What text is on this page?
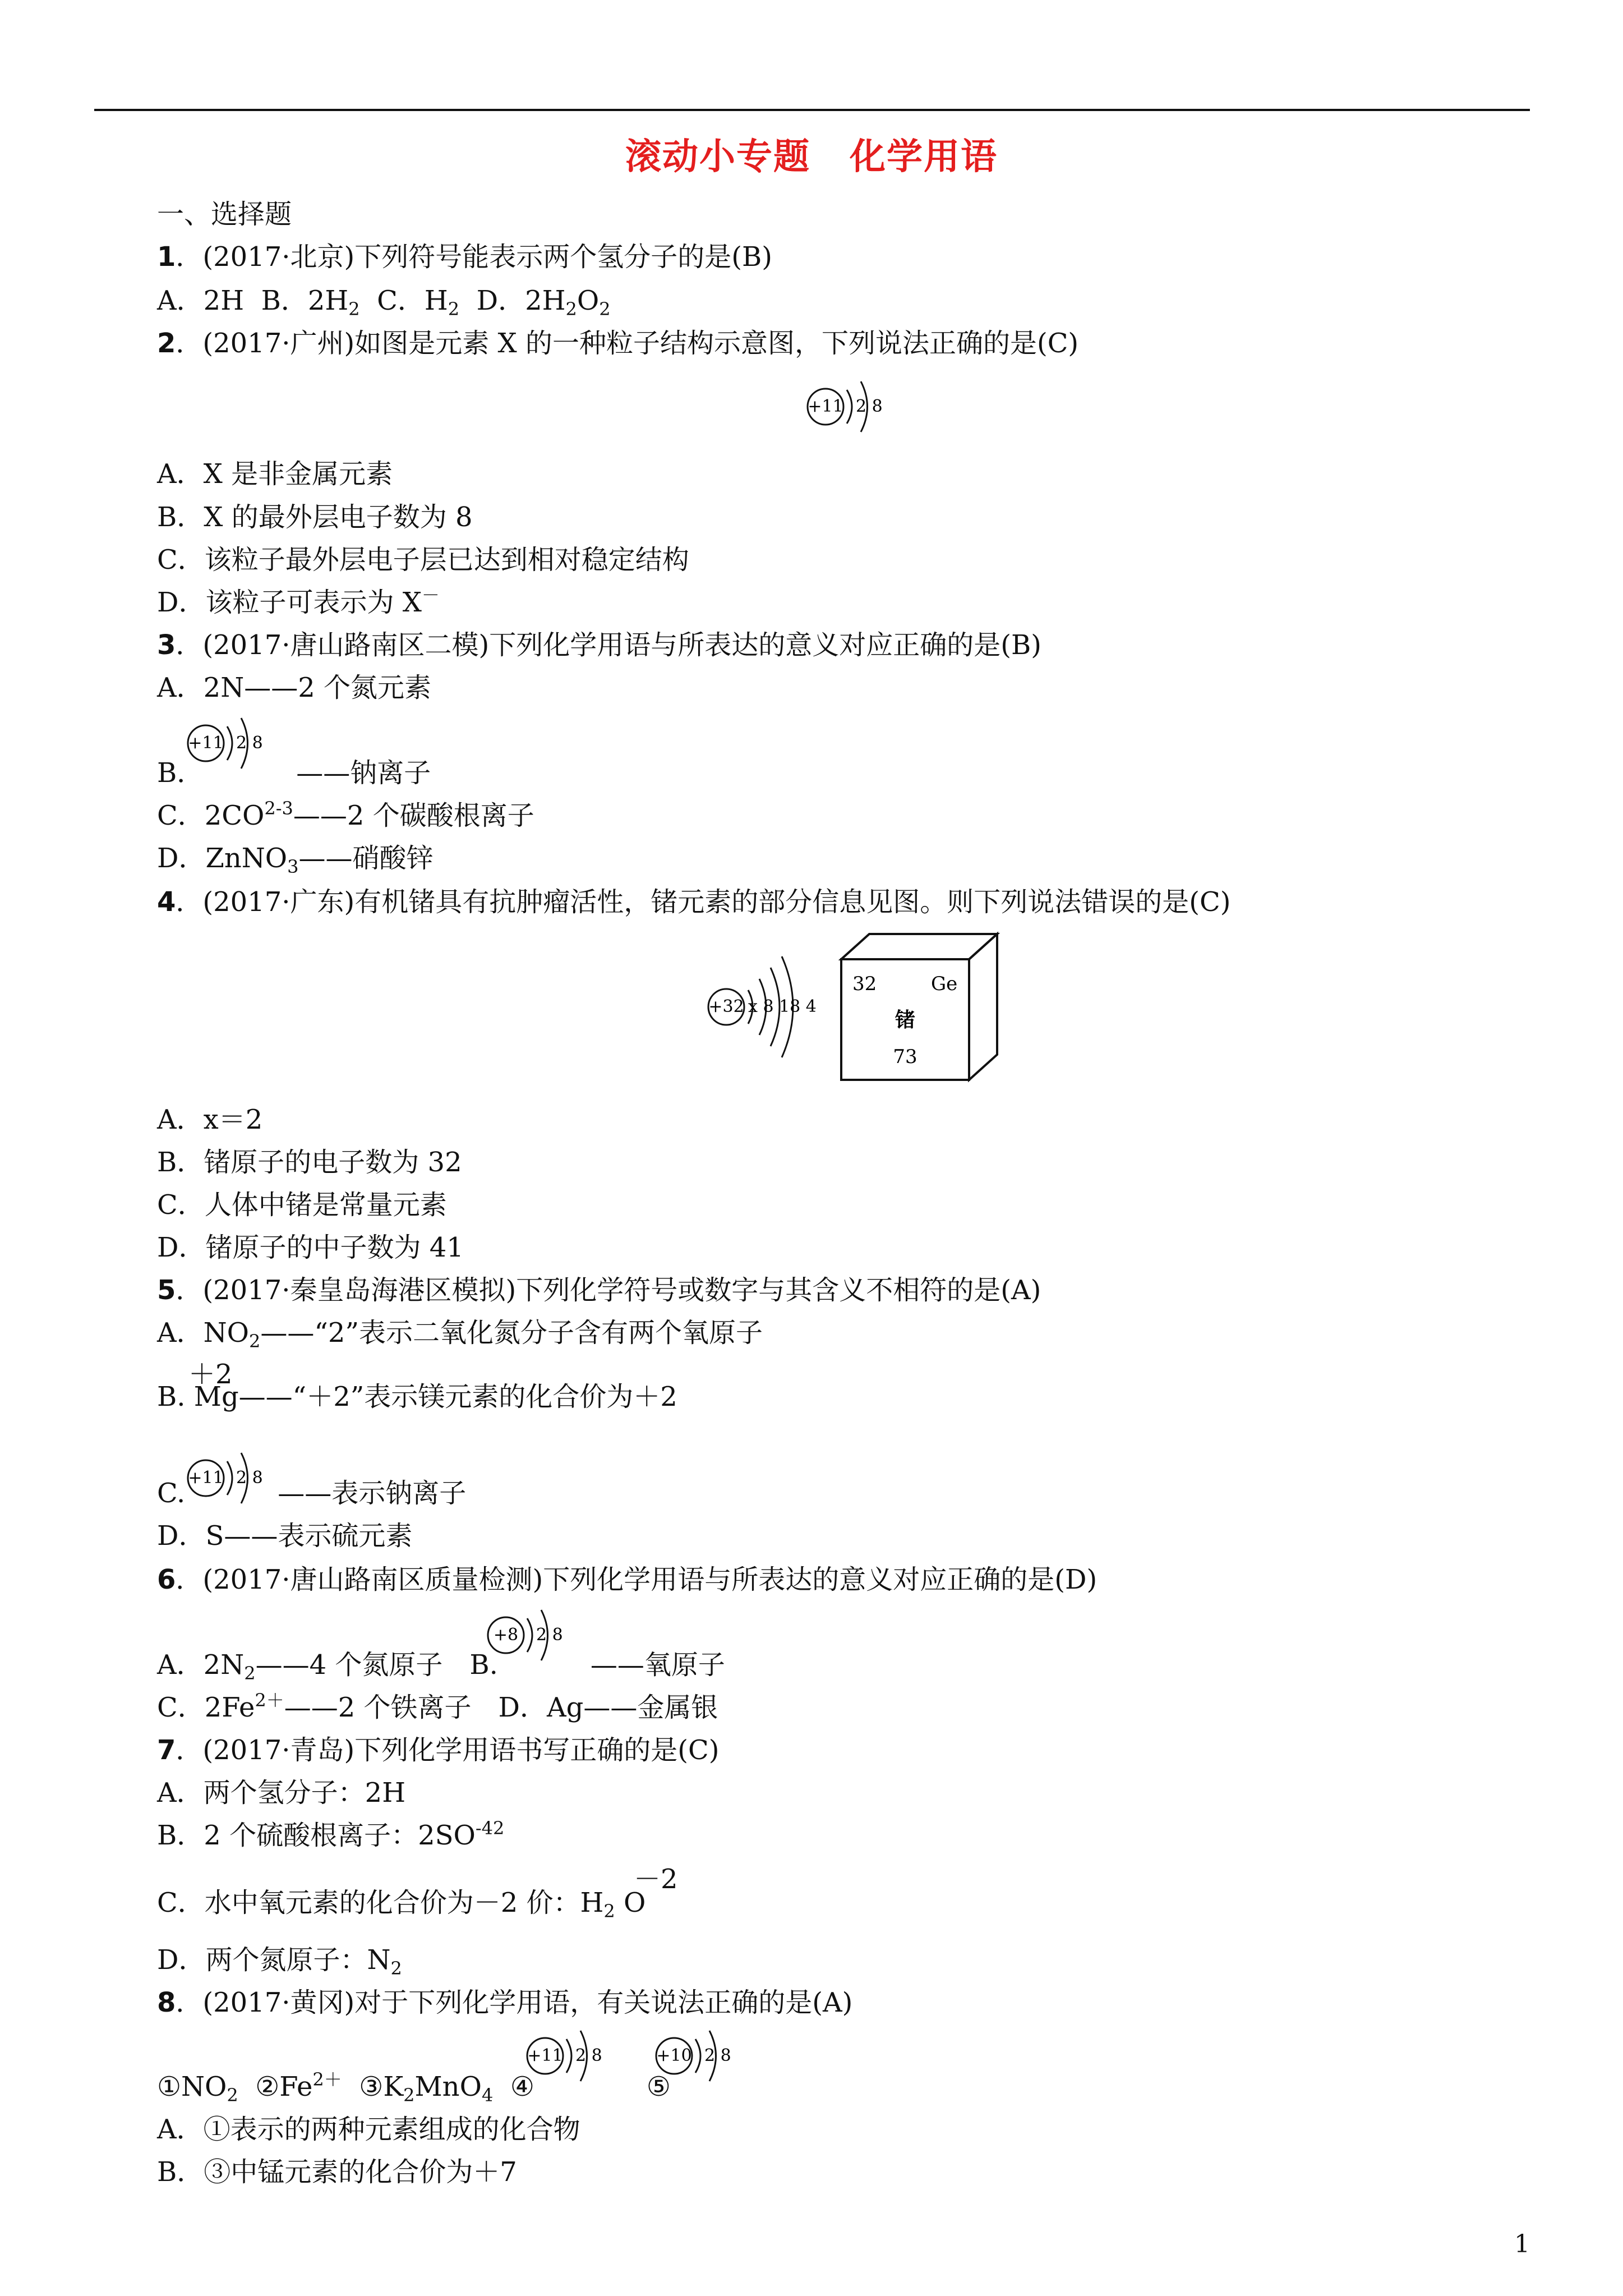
滚动小专题 化学用语
一、选择题
1．(2017·北京)下列符号能表示两个氢分子的是(B)
A．2H B．$2H_2$ C．$H_2$ D．$2H_2O_2$
2．(2017·广州)如图是元素 X 的一种粒子结构示意图，下列说法正确的是(C)
+11 2 8
A．X 是非金属元素
B．X 的最外层电子数为 8
C．该粒子最外层电子层已达到相对稳定结构
D．该粒子可表示为 X－
3．(2017·唐山路南区二模)下列化学用语与所表达的意义对应正确的是(B)
A．2N——2 个氮元素
+11 2 8
B．	——钠离子
C．2CO$^{2-3}$——2 个碳酸根离子
D．ZnNO$_3$——硝酸锌
4．(2017·广东)有机锗具有抗肿瘤活性，锗元素的部分信息见图。则下列说法错误的是(C)
+32 x 8 18 4
32	Ge
锗
73
A．x＝2
B．锗原子的电子数为 32
C．人体中锗是常量元素
D．锗原子的中子数为 41
5．(2017·秦皇岛海港区模拟)下列化学符号或数字与其含义不相符的是(A)
A．$NO_2——“2$”表示二氧化氮分子含有两个氧原子
＋2
B. Mg——“＋2”表示镁元素的化合价为＋2
+11 2 8
C.	——表示钠离子
D．S——表示硫元素
6．(2017·唐山路南区质量检测)下列化学用语与所表达的意义对应正确的是(D)
+8 2 8
A．$2N_2——4$ 个氮原子　B.	——氧原子
C．$2Fe^{2+}——2$ 个铁离子　D．Ag——金属银
7．(2017·青岛)下列化学用语书写正确的是(C)
A．两个氢分子：2H
B．2 个硫酸根离子：$2SO^{-42}$
－2
C．水中氧元素的化合价为－2 价：$H_2$ O
D．两个氮原子：$N_2$
8．(2017·黄冈)对于下列化学用语，有关说法正确的是(A)
+11 2 8	+10 2 8
$①NO_2$ $②Fe^{2+}$ $③K_2MnO_4$ ④	⑤
A．①表示的两种元素组成的化合物
B．③中锰元素的化合价为＋7
1
